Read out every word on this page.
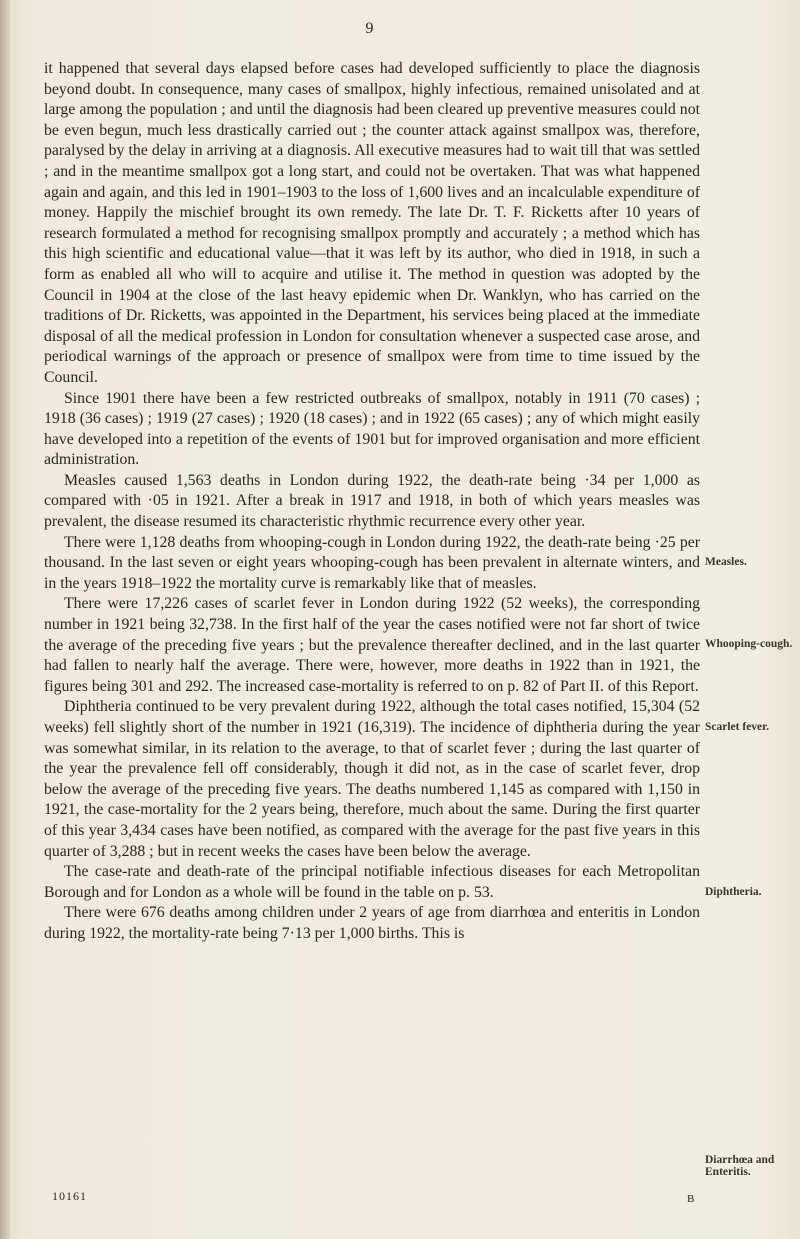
9

it happened that several days elapsed before cases had developed sufficiently to place the diagnosis beyond doubt. In consequence, many cases of smallpox, highly infectious, remained unisolated and at large among the population ; and until the diagnosis had been cleared up preventive measures could not be even begun, much less drastically carried out ; the counter attack against smallpox was, therefore, paralysed by the delay in arriving at a diagnosis. All executive measures had to wait till that was settled ; and in the meantime smallpox got a long start, and could not be overtaken. That was what happened again and again, and this led in 1901–1903 to the loss of 1,600 lives and an incalculable expenditure of money. Happily the mischief brought its own remedy. The late Dr. T. F. Ricketts after 10 years of research formulated a method for recognising smallpox promptly and accurately ; a method which has this high scientific and educational value—that it was left by its author, who died in 1918, in such a form as enabled all who will to acquire and utilise it. The method in question was adopted by the Council in 1904 at the close of the last heavy epidemic when Dr. Wanklyn, who has carried on the traditions of Dr. Ricketts, was appointed in the Department, his services being placed at the immediate disposal of all the medical profession in London for consultation whenever a suspected case arose, and periodical warnings of the approach or presence of smallpox were from time to time issued by the Council.

Since 1901 there have been a few restricted outbreaks of smallpox, notably in 1911 (70 cases) ; 1918 (36 cases) ; 1919 (27 cases) ; 1920 (18 cases) ; and in 1922 (65 cases) ; any of which might easily have developed into a repetition of the events of 1901 but for improved organisation and more efficient administration.

Measles caused 1,563 deaths in London during 1922, the death-rate being ·34 per 1,000 as compared with ·05 in 1921. After a break in 1917 and 1918, in both of which years measles was prevalent, the disease resumed its characteristic rhythmic recurrence every other year.

There were 1,128 deaths from whooping-cough in London during 1922, the death-rate being ·25 per thousand. In the last seven or eight years whooping-cough has been prevalent in alternate winters, and in the years 1918–1922 the mortality curve is remarkably like that of measles.

There were 17,226 cases of scarlet fever in London during 1922 (52 weeks), the corresponding number in 1921 being 32,738. In the first half of the year the cases notified were not far short of twice the average of the preceding five years ; but the prevalence thereafter declined, and in the last quarter had fallen to nearly half the average. There were, however, more deaths in 1922 than in 1921, the figures being 301 and 292. The increased case-mortality is referred to on p. 82 of Part II. of this Report.

Diphtheria continued to be very prevalent during 1922, although the total cases notified, 15,304 (52 weeks) fell slightly short of the number in 1921 (16,319). The incidence of diphtheria during the year was somewhat similar, in its relation to the average, to that of scarlet fever ; during the last quarter of the year the prevalence fell off considerably, though it did not, as in the case of scarlet fever, drop below the average of the preceding five years. The deaths numbered 1,145 as compared with 1,150 in 1921, the case-mortality for the 2 years being, therefore, much about the same. During the first quarter of this year 3,434 cases have been notified, as compared with the average for the past five years in this quarter of 3,288 ; but in recent weeks the cases have been below the average.

The case-rate and death-rate of the principal notifiable infectious diseases for each Metropolitan Borough and for London as a whole will be found in the table on p. 53.

There were 676 deaths among children under 2 years of age from diarrhœa and enteritis in London during 1922, the mortality-rate being 7·13 per 1,000 births. This is

Measles.
Whooping-cough.
Scarlet fever.
Diphtheria.
Diarrhœa and Enteritis.
10161	B
